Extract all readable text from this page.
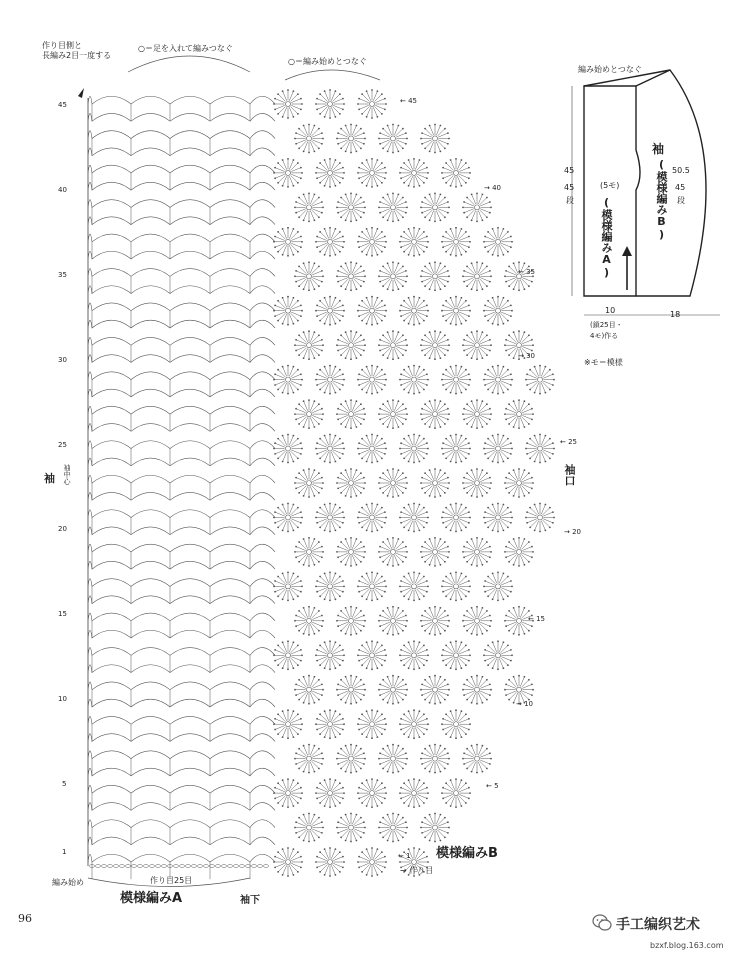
作り目側と
長編み2目一度する
○＝足を入れて編みつなぐ
○＝編み始めとつなぐ
45
40
35
30
25
20
15
10
5
1
← 45
→ 40
← 35
→ 30
← 25
→ 20
← 15
→ 10
← 5
← 1
袖 袖中心	袖口
編み始め	作り目25目
模様編みA	袖下
模様編みB
→ 作り目
編み始めとつなぐ
45
45
段
50.5
45
段
(5モ)
袖
(模様編みB)
(模様編みA)
10
(鎖25目・
4モ)作る
18
※モ＝模様
96	手工编织艺术
bzxf.blog.163.com
